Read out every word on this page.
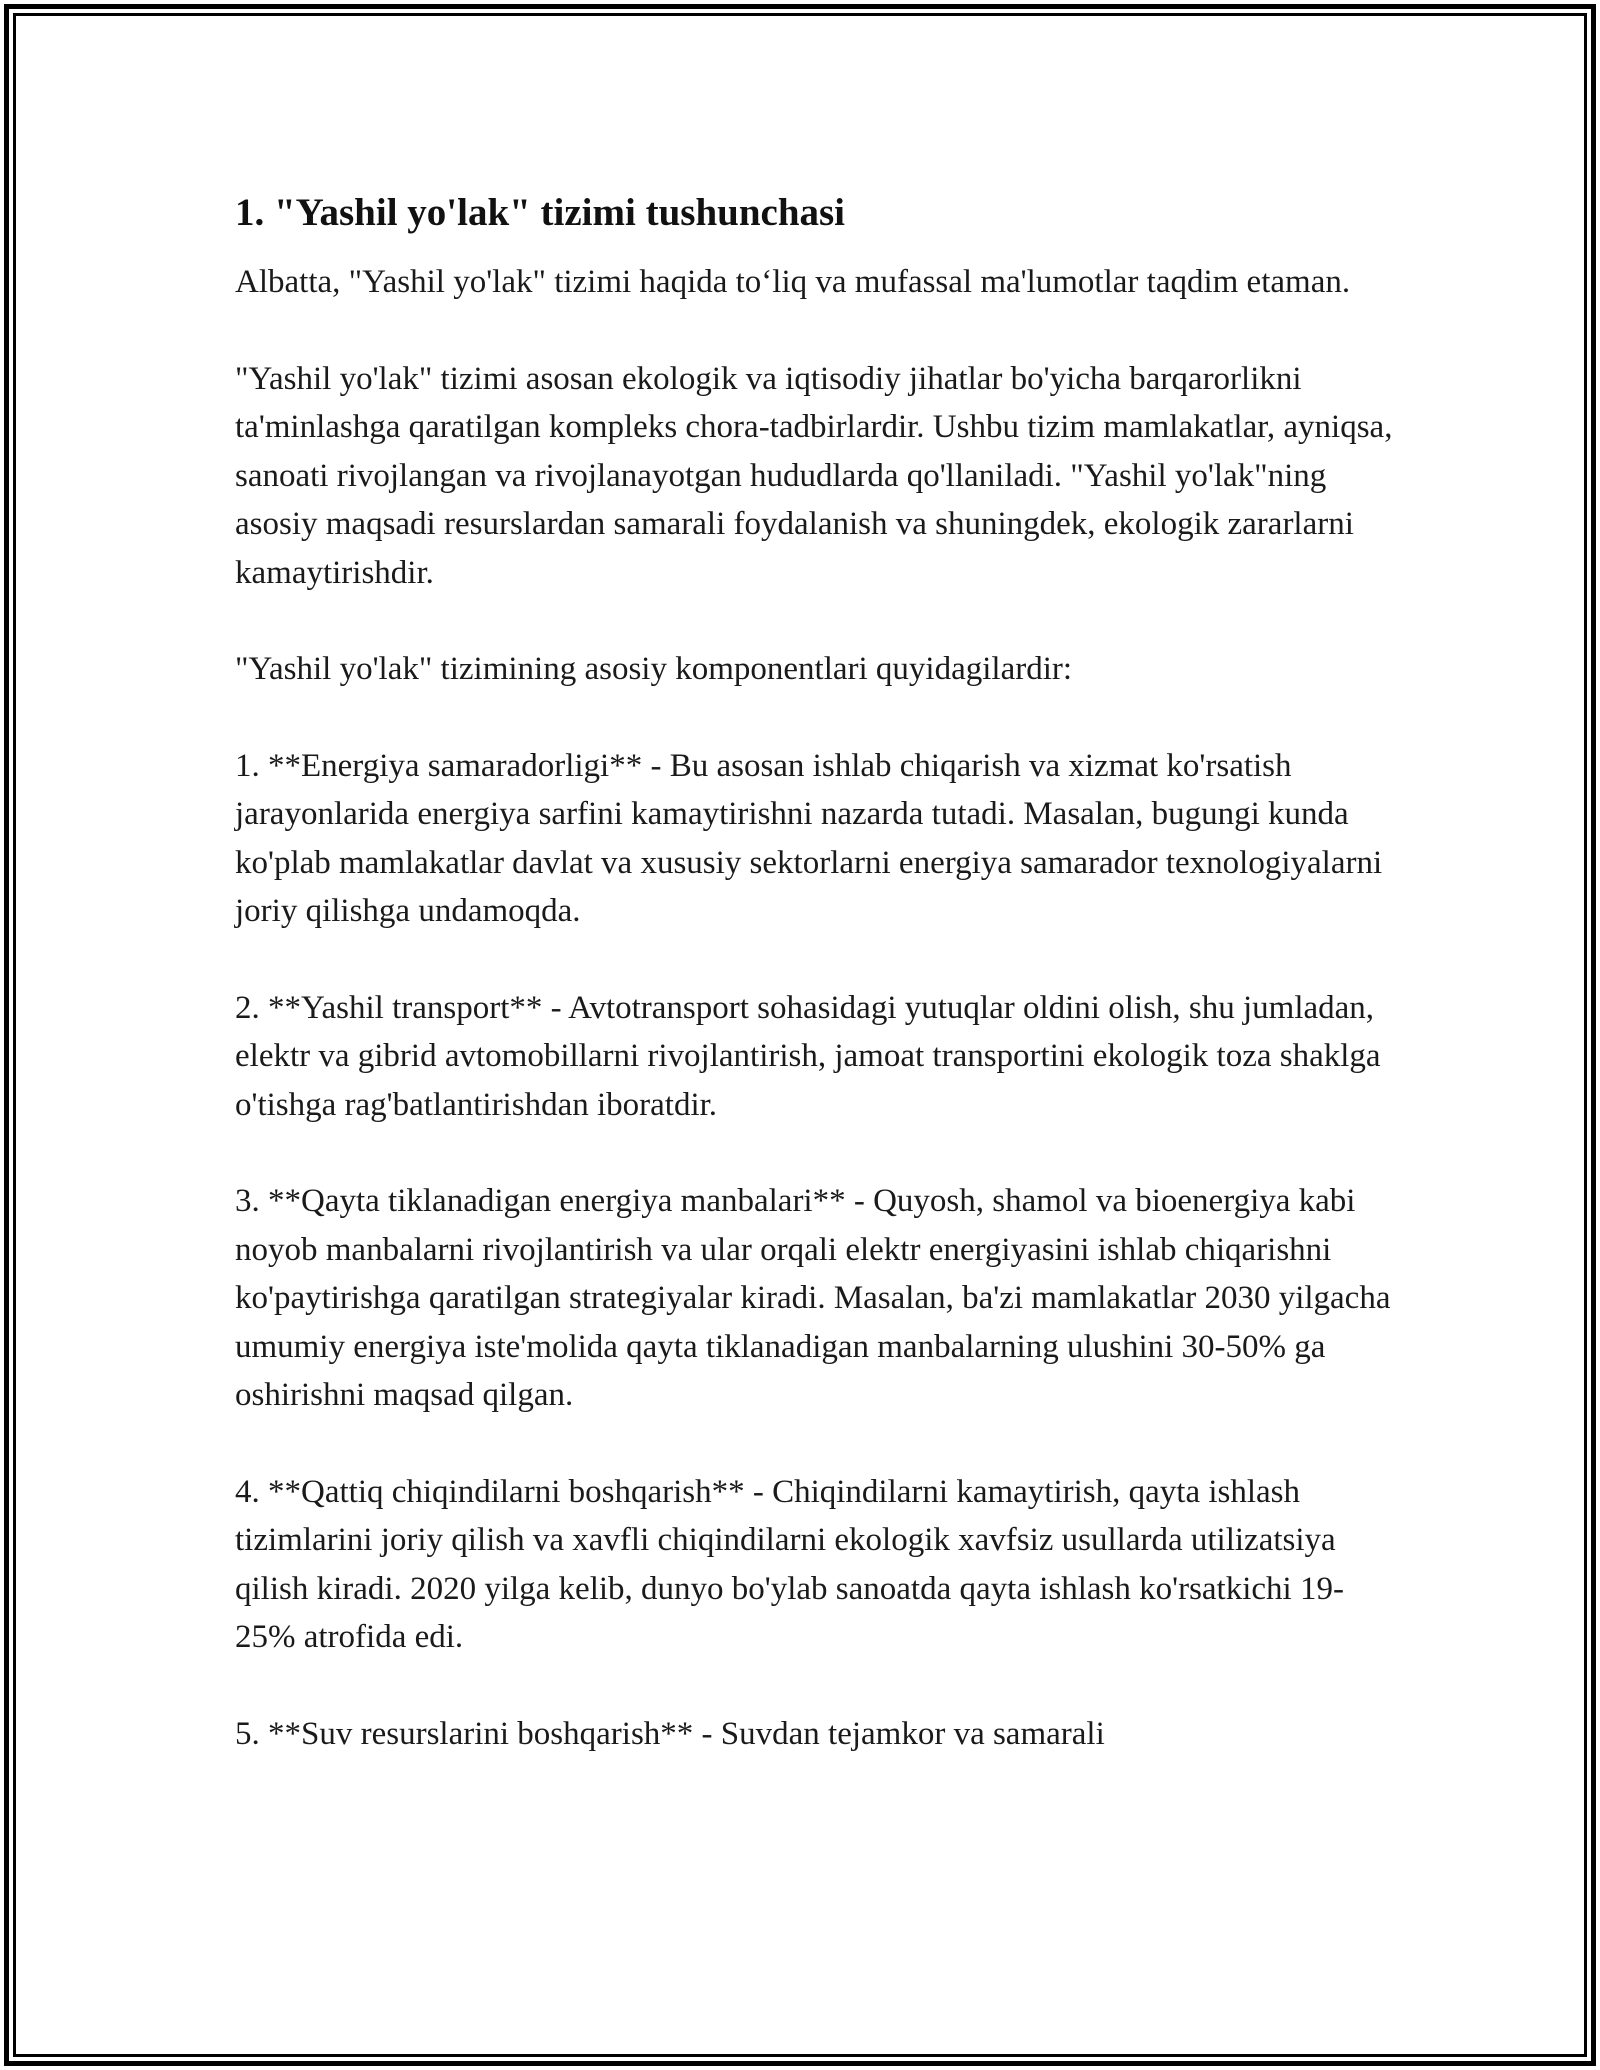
1. "Yashil yo'lak" tizimi tushunchasi

Albatta, "Yashil yo'lak" tizimi haqida to‘liq va mufassal ma'lumotlar taqdim etaman.

"Yashil yo'lak" tizimi asosan ekologik va iqtisodiy jihatlar bo'yicha barqarorlikni ta'minlashga qaratilgan kompleks chora-tadbirlardir. Ushbu tizim mamlakatlar, ayniqsa, sanoati rivojlangan va rivojlanayotgan hududlarda qo'llaniladi. "Yashil yo'lak"ning asosiy maqsadi resurslardan samarali foydalanish va shuningdek, ekologik zararlarni kamaytirishdir.

"Yashil yo'lak" tizimining asosiy komponentlari quyidagilardir:

1. **Energiya samaradorligi** - Bu asosan ishlab chiqarish va xizmat ko'rsatish jarayonlarida energiya sarfini kamaytirishni nazarda tutadi. Masalan, bugungi kunda ko'plab mamlakatlar davlat va xususiy sektorlarni energiya samarador texnologiyalarni joriy qilishga undamoqda.

2. **Yashil transport** - Avtotransport sohasidagi yutuqlar oldini olish, shu jumladan, elektr va gibrid avtomobillarni rivojlantirish, jamoat transportini ekologik toza shaklga o'tishga rag'batlantirishdan iboratdir.

3. **Qayta tiklanadigan energiya manbalari** - Quyosh, shamol va bioenergiya kabi noyob manbalarni rivojlantirish va ular orqali elektr energiyasini ishlab chiqarishni ko'paytirishga qaratilgan strategiyalar kiradi. Masalan, ba'zi mamlakatlar 2030 yilgacha umumiy energiya iste'molida qayta tiklanadigan manbalarning ulushini 30-50% ga oshirishni maqsad qilgan.

4. **Qattiq chiqindilarni boshqarish** - Chiqindilarni kamaytirish, qayta ishlash tizimlarini joriy qilish va xavfli chiqindilarni ekologik xavfsiz usullarda utilizatsiya qilish kiradi. 2020 yilga kelib, dunyo bo'ylab sanoatda qayta ishlash ko'rsatkichi 19-25% atrofida edi.

5. **Suv resurslarini boshqarish** - Suvdan tejamkor va samarali
